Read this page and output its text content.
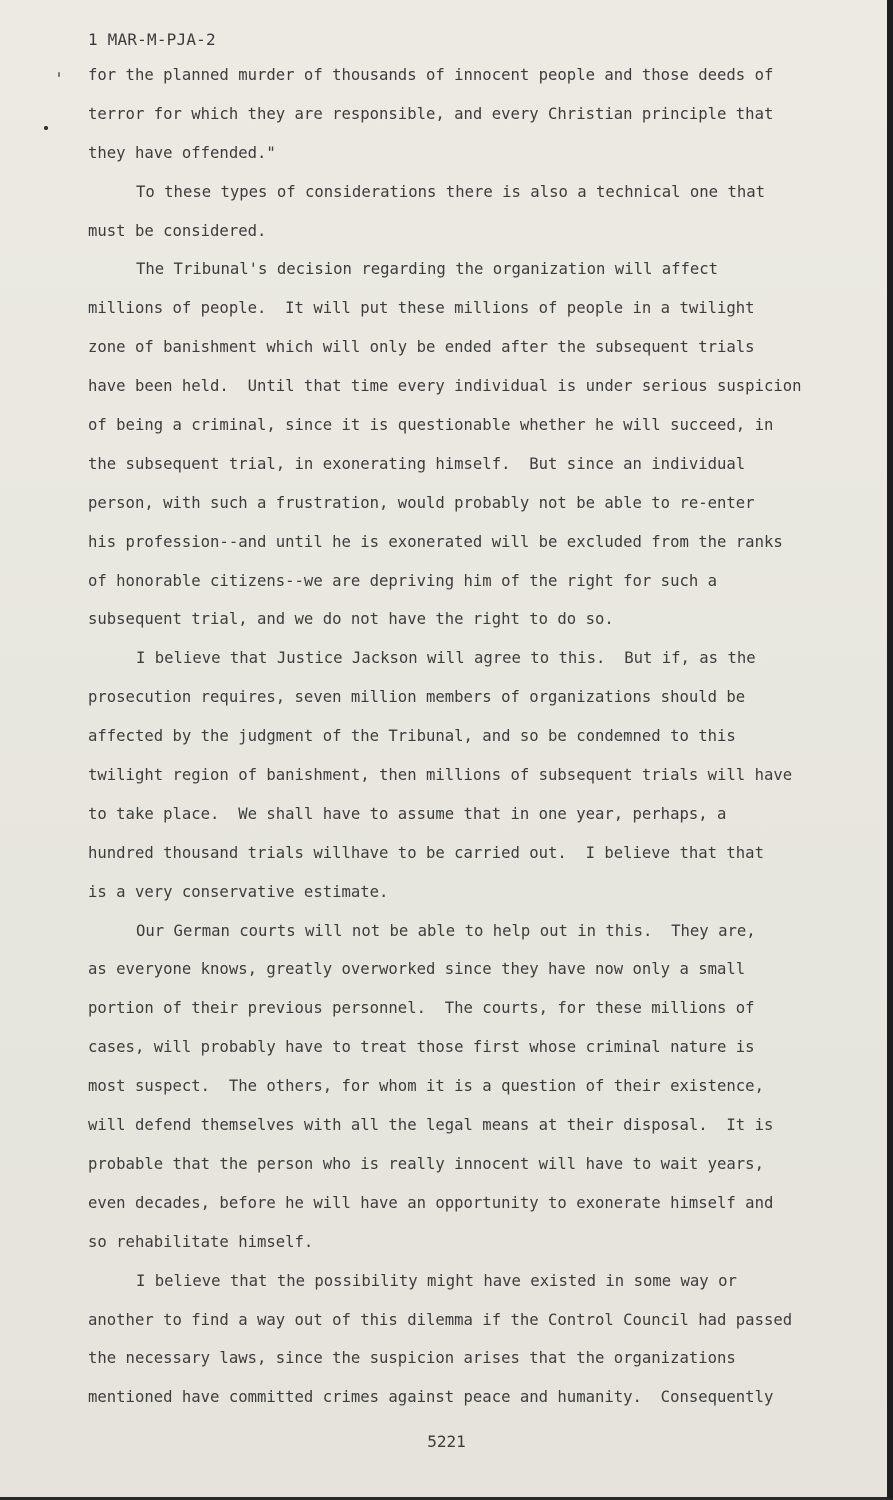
1 MAR-M-PJA-2
for the planned murder of thousands of innocent people and those deeds of
terror for which they are responsible, and every Christian principle that
they have offended."
To these types of considerations there is also a technical one that
must be considered.
The Tribunal's decision regarding the organization will affect
millions of people.  It will put these millions of people in a twilight
zone of banishment which will only be ended after the subsequent trials
have been held.  Until that time every individual is under serious suspicion
of being a criminal, since it is questionable whether he will succeed, in
the subsequent trial, in exonerating himself.  But since an individual
person, with such a frustration, would probably not be able to re-enter
his profession--and until he is exonerated will be excluded from the ranks
of honorable citizens--we are depriving him of the right for such a
subsequent trial, and we do not have the right to do so.
I believe that Justice Jackson will agree to this.  But if, as the
prosecution requires, seven million members of organizations should be
affected by the judgment of the Tribunal, and so be condemned to this
twilight region of banishment, then millions of subsequent trials will have
to take place.  We shall have to assume that in one year, perhaps, a
hundred thousand trials willhave to be carried out.  I believe that that
is a very conservative estimate.
Our German courts will not be able to help out in this.  They are,
as everyone knows, greatly overworked since they have now only a small
portion of their previous personnel.  The courts, for these millions of
cases, will probably have to treat those first whose criminal nature is
most suspect.  The others, for whom it is a question of their existence,
will defend themselves with all the legal means at their disposal.  It is
probable that the person who is really innocent will have to wait years,
even decades, before he will have an opportunity to exonerate himself and
so rehabilitate himself.
I believe that the possibility might have existed in some way or
another to find a way out of this dilemma if the Control Council had passed
the necessary laws, since the suspicion arises that the organizations
mentioned have committed crimes against peace and humanity.  Consequently
5221
